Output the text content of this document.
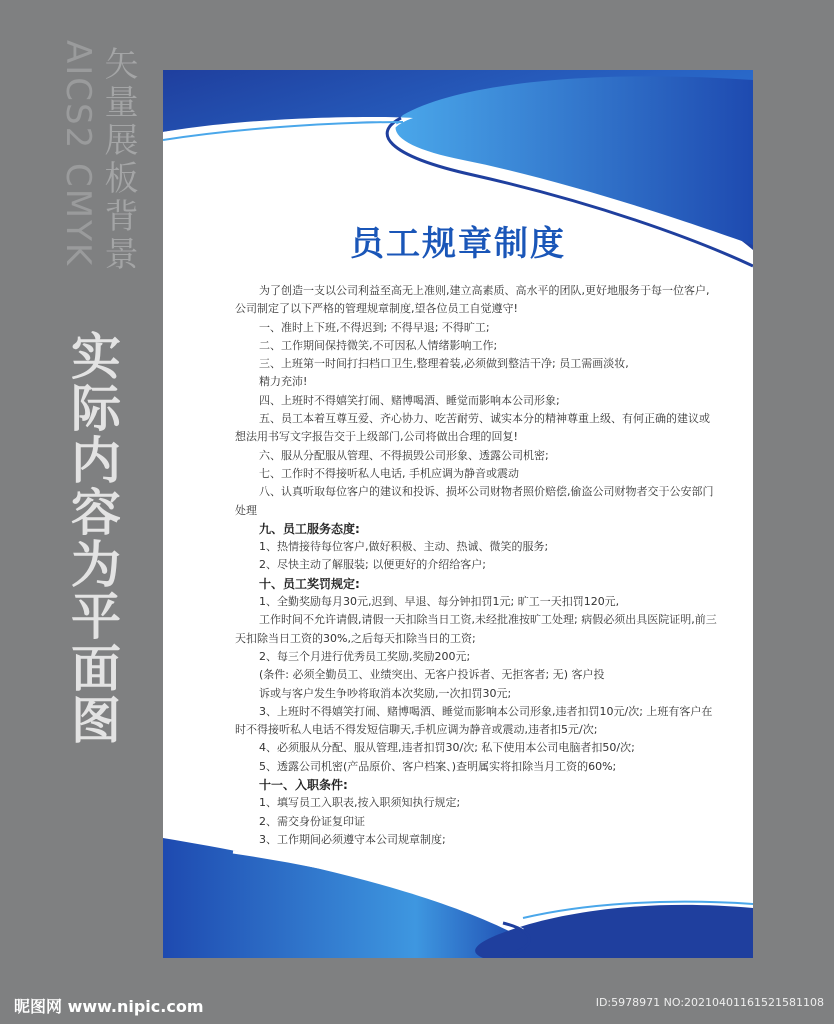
AICS2 CMYK 矢量展板背景
实际内容为平面图
员工规章制度

为了创造一支以公司利益至高无上准则,建立高素质、高水平的团队,更好地服务于每一位客户,公司制定了以下严格的管理规章制度,望各位员工自觉遵守!

一、准时上下班,不得迟到; 不得早退; 不得旷工;

二、工作期间保持微笑,不可因私人情绪影响工作;

三、上班第一时间打扫档口卫生,整理着装,必须做到整洁干净; 员工需画淡妆,

精力充沛!

四、上班时不得嬉笑打闹、赌博喝酒、睡觉而影响本公司形象;

五、员工本着互尊互爱、齐心协力、吃苦耐劳、诚实本分的精神尊重上级、有何正确的建议或想法用书写文字报告交于上级部门,公司将做出合理的回复!

六、服从分配服从管理、不得损毁公司形象、透露公司机密;

七、工作时不得接听私人电话, 手机应调为静音或震动

八、认真听取每位客户的建议和投诉、损坏公司财物者照价赔偿,偷盗公司财物者交于公安部门处理

九、员工服务态度:

1、热情接待每位客户,做好积极、主动、热诚、微笑的服务;

2、尽快主动了解服装; 以便更好的介绍给客户;

十、员工奖罚规定:

1、全勤奖励每月30元,迟到、早退、每分钟扣罚1元; 旷工一天扣罚120元,

工作时间不允许请假,请假一天扣除当日工资,未经批准按旷工处理; 病假必须出具医院证明,前三天扣除当日工资的30%,之后每天扣除当日的工资;

2、每三个月进行优秀员工奖励,奖励200元;

(条件: 必须全勤员工、业绩突出、无客户投诉者、无拒客者; 无) 客户投

诉或与客户发生争吵将取消本次奖励,一次扣罚30元;

3、上班时不得嬉笑打闹、赌博喝酒、睡觉而影响本公司形象,违者扣罚10元/次; 上班有客户在时不得接听私人电话不得发短信聊天,手机应调为静音或震动,违者扣5元/次;

4、必须服从分配、服从管理,违者扣罚30/次; 私下使用本公司电脑者扣50/次;

5、透露公司机密(产品原价、客户档案、)查明属实将扣除当月工资的60%;

十一、入职条件:

1、填写员工入职表,按入职须知执行规定;

2、需交身份证复印证

3、工作期间必须遵守本公司规章制度;

昵图网 www.nipic.com	ID:5978971 NO:20210401161521581108
